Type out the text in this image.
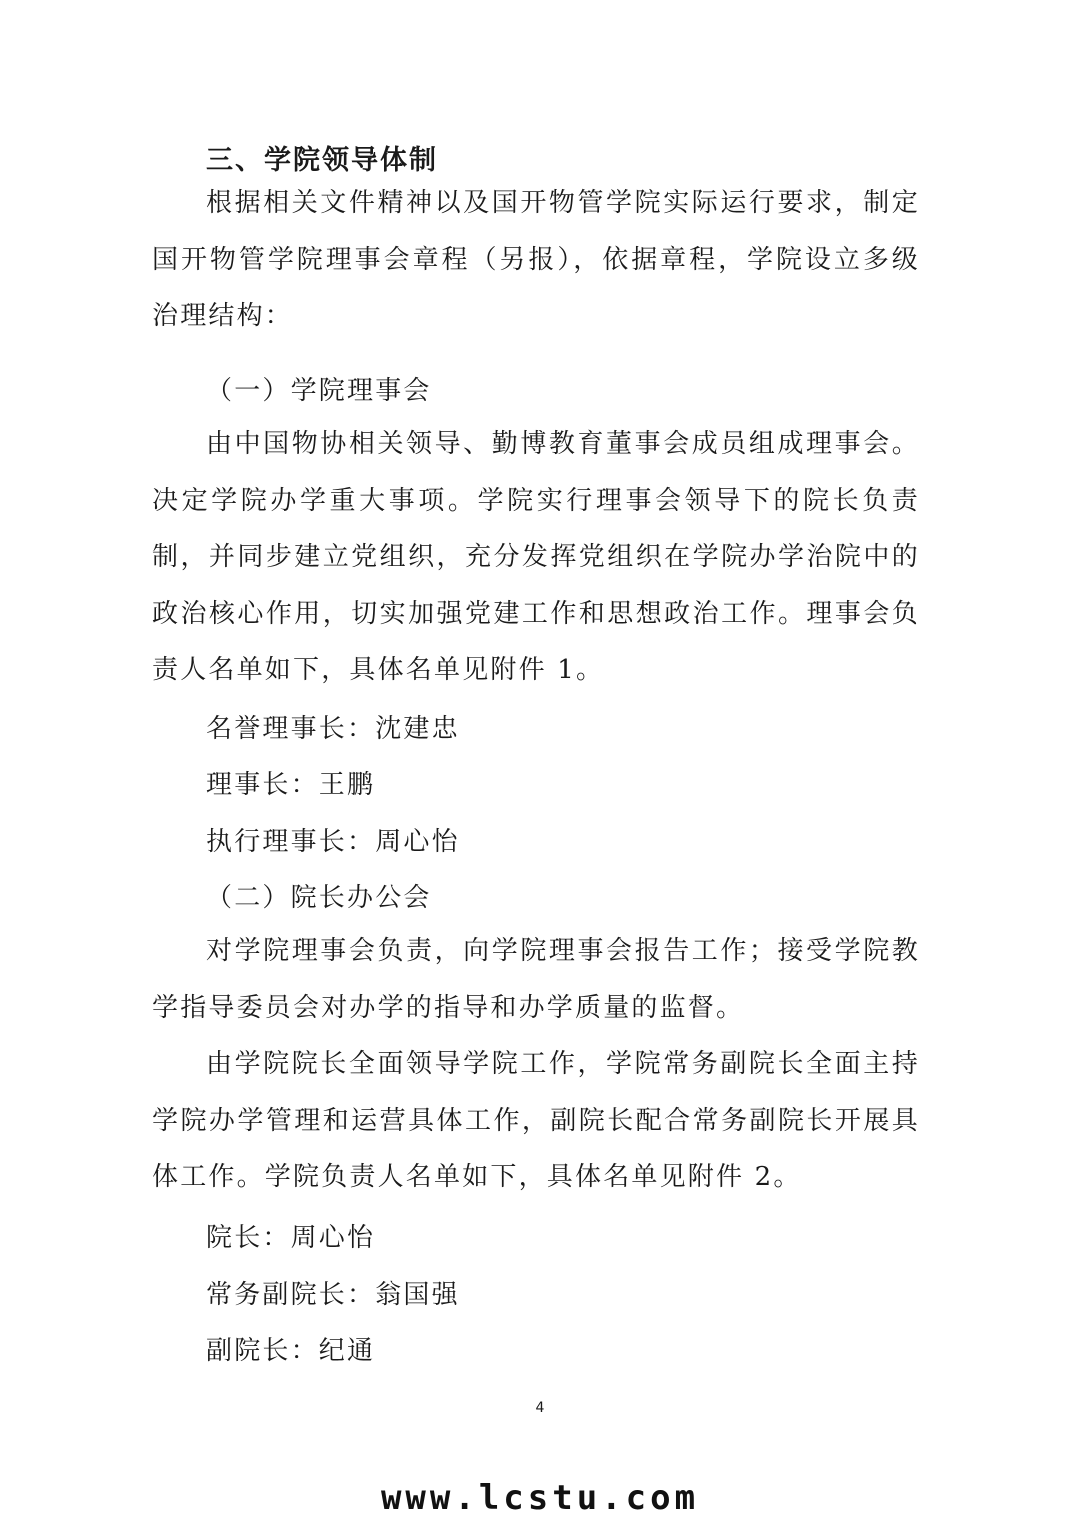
三、学院领导体制
根据相关文件精神以及国开物管学院实际运行要求，制定国开物管学院理事会章程（另报），依据章程，学院设立多级治理结构：
（一）学院理事会
由中国物协相关领导、勤博教育董事会成员组成理事会。决定学院办学重大事项。学院实行理事会领导下的院长负责制，并同步建立党组织，充分发挥党组织在学院办学治院中的政治核心作用，切实加强党建工作和思想政治工作。理事会负责人名单如下，具体名单见附件 1。
名誉理事长：沈建忠
理事长：王鹏
执行理事长：周心怡
（二）院长办公会
对学院理事会负责，向学院理事会报告工作；接受学院教学指导委员会对办学的指导和办学质量的监督。
由学院院长全面领导学院工作，学院常务副院长全面主持学院办学管理和运营具体工作，副院长配合常务副院长开展具体工作。学院负责人名单如下，具体名单见附件 2。
院长：周心怡
常务副院长：翁国强
副院长：纪通
4
www.lcstu.com
